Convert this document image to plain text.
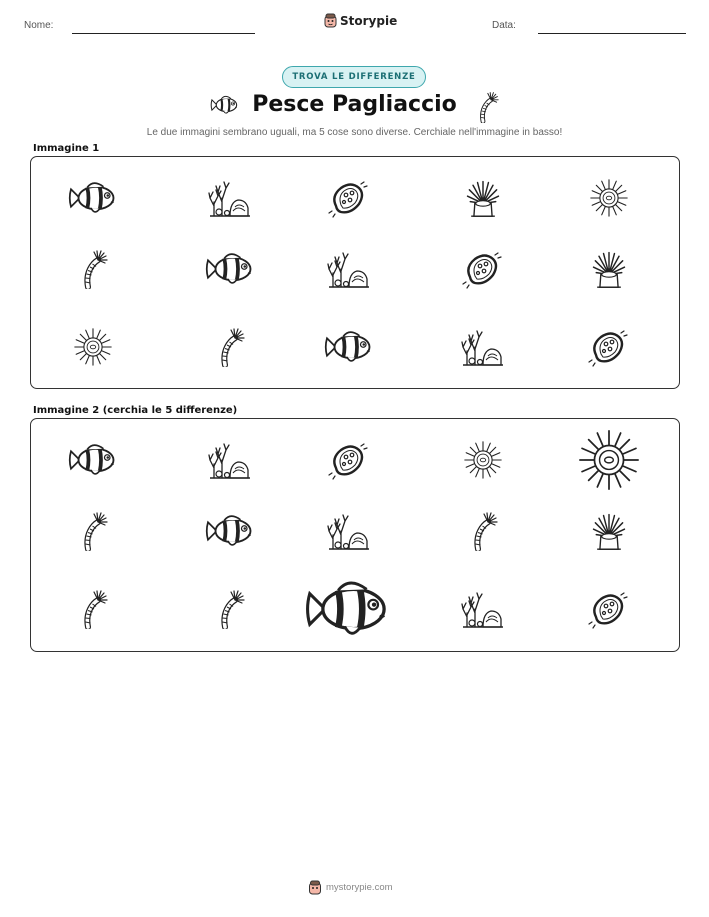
Nome:	Storypie	Data:
TROVA LE DIFFERENZE
Pesce Pagliaccio
Le due immagini sembrano uguali, ma 5 cose sono diverse. Cerchiale nell'immagine in basso!
Immagine 1
Immagine 2 (cerchia le 5 differenze)
mystorypie.com
